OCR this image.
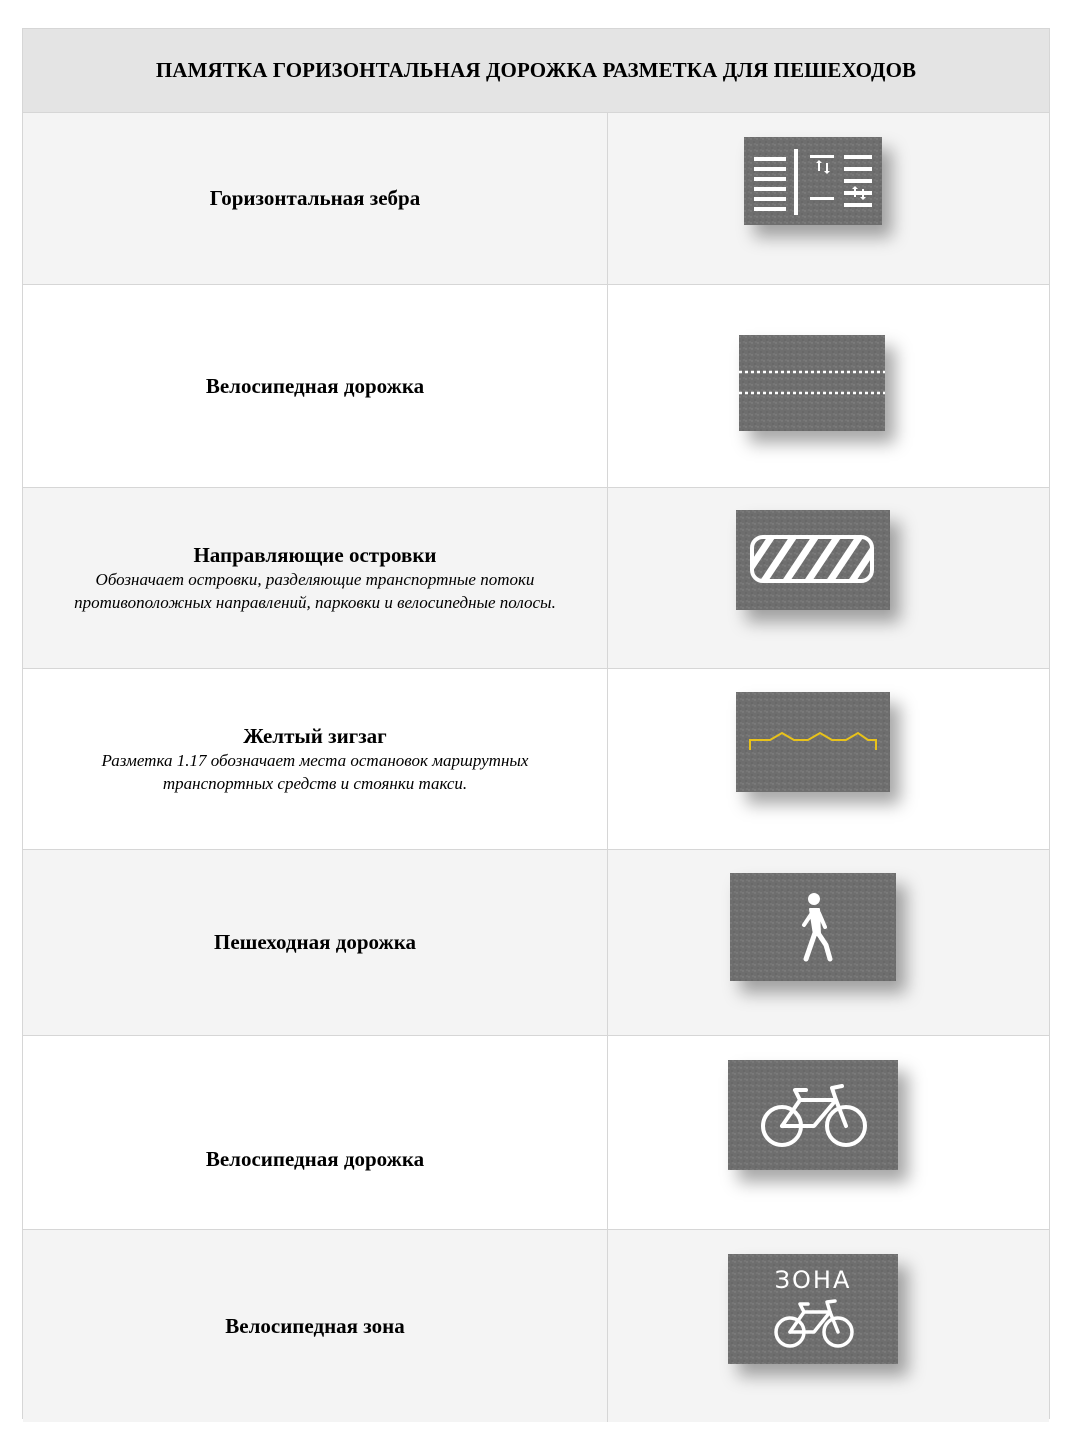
ПАМЯТКА ГОРИЗОНТАЛЬНАЯ ДОРОЖКА РАЗМЕТКА ДЛЯ ПЕШЕХОДОВ
Горизонтальная зебра
Велосипедная дорожка
Направляющие островки
Обозначает островки, разделяющие транспортные потоки противоположных направлений, парковки и велосипедные полосы.
Желтый зигзаг
Разметка 1.17 обозначает места остановок маршрутных транспортных средств и стоянки такси.
Пешеходная дорожка
Велосипедная дорожка
Велосипедная зона
ЗОНА
